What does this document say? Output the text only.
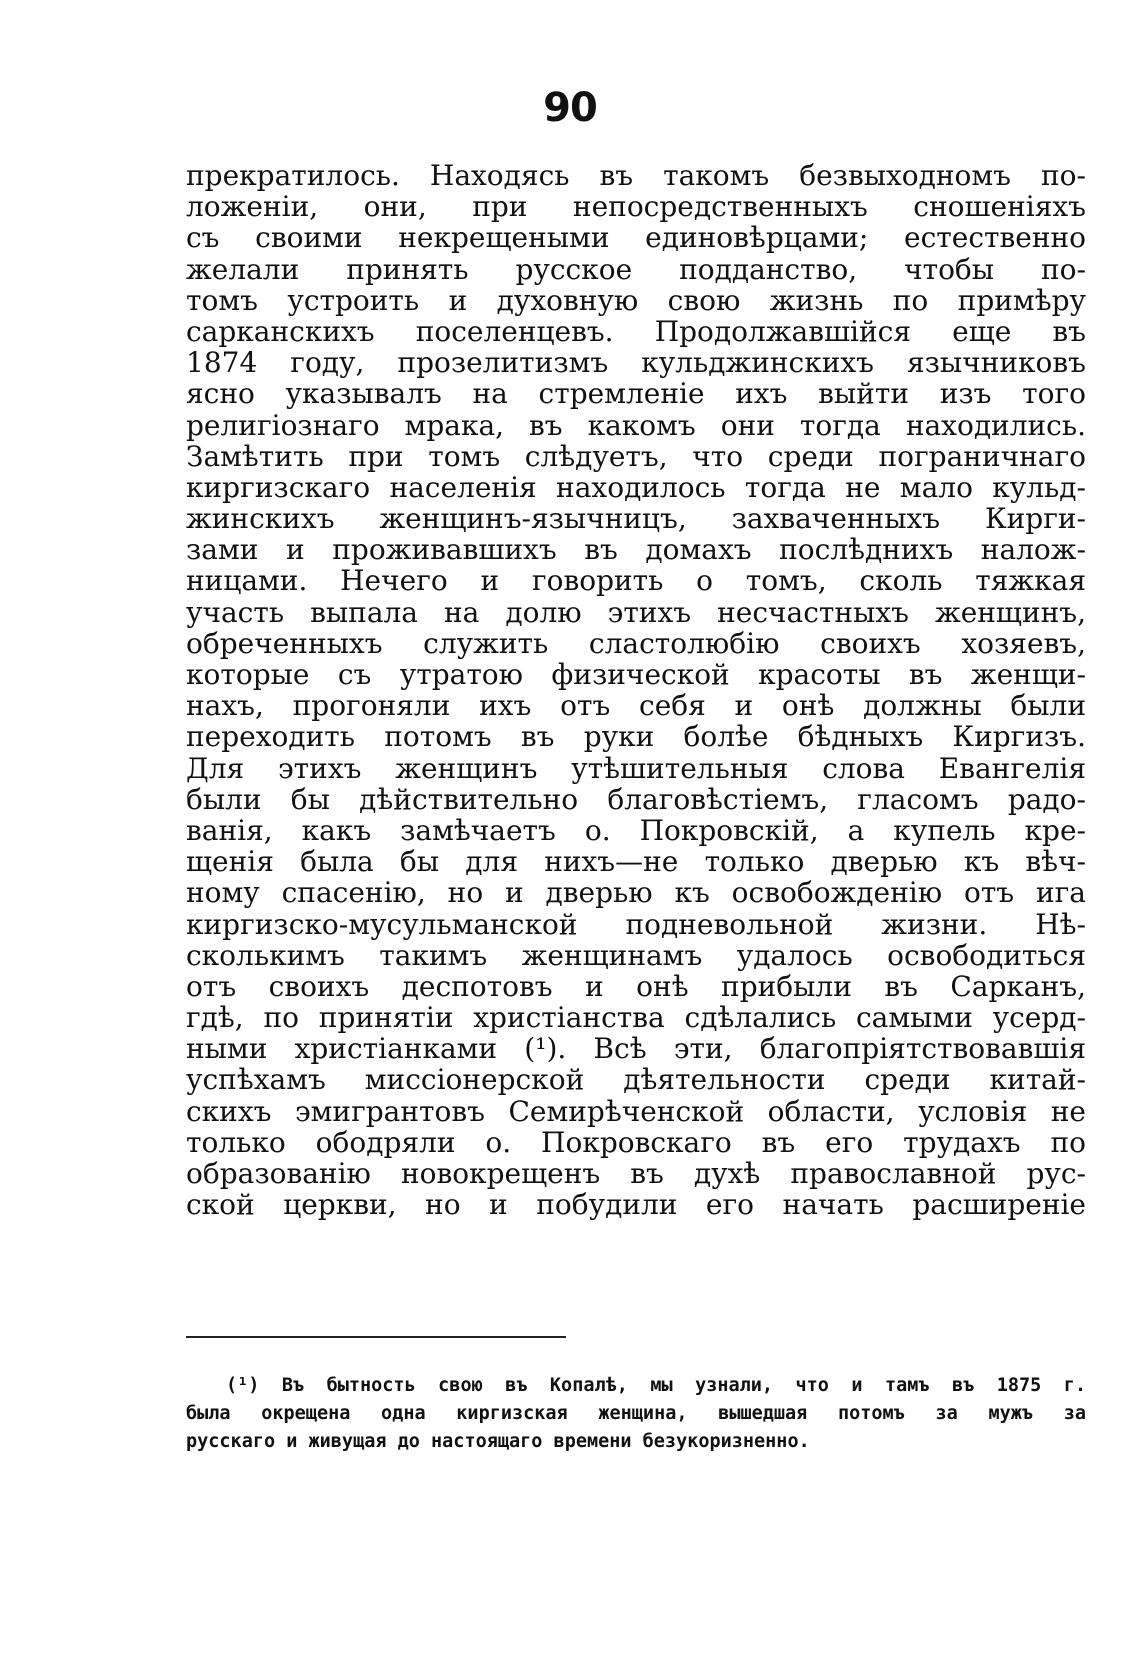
90
прекратилось. Находясь въ такомъ безвыходномъ по-
ложеніи, они, при непосредственныхъ сношеніяхъ
съ своими некрещеными единовѣрцами; естественно
желали принять русское подданство, чтобы по-
томъ устроить и духовную свою жизнь по примѣру
сарканскихъ поселенцевъ. Продолжавшійся еще въ
1874 году, прозелитизмъ кульджинскихъ язычниковъ
ясно указывалъ на стремленіе ихъ выйти изъ того
религіознаго мрака, въ какомъ они тогда находились.
Замѣтить при томъ слѣдуетъ, что среди пограничнаго
киргизскаго населенія находилось тогда не мало кульд-
жинскихъ женщинъ-язычницъ, захваченныхъ Кирги-
зами и проживавшихъ въ домахъ послѣднихъ налож-
ницами. Нечего и говорить о томъ, сколь тяжкая
участь выпала на долю этихъ несчастныхъ женщинъ,
обреченныхъ служить сластолюбію своихъ хозяевъ,
которые съ утратою физической красоты въ женщи-
нахъ, прогоняли ихъ отъ себя и онѣ должны были
переходить потомъ въ руки болѣе бѣдныхъ Киргизъ.
Для этихъ женщинъ утѣшительныя слова Евангелія
были бы дѣйствительно благовѣстіемъ, гласомъ радо-
ванія, какъ замѣчаетъ о. Покровскій, а купель кре-
щенія была бы для нихъ—не только дверью къ вѣч-
ному спасенію, но и дверью къ освобожденію отъ ига
киргизско-мусульманской подневольной жизни. Нѣ-
сколькимъ такимъ женщинамъ удалось освободиться
отъ своихъ деспотовъ и онѣ прибыли въ Сарканъ,
гдѣ, по принятіи христіанства сдѣлались самыми усерд-
ными христіанками (¹). Всѣ эти, благопріятствовавшія
успѣхамъ миссіонерской дѣятельности среди китай-
скихъ эмигрантовъ Семирѣченской области, условія не
только ободряли о. Покровскаго въ его трудахъ по
образованію новокрещенъ въ духѣ православной рус-
ской церкви, но и побудили его начать расширеніе
(¹) Въ бытность свою въ Копалѣ, мы узнали, что и тамъ въ 1875 г.
была окрещена одна киргизская женщина, вышедшая потомъ за мужъ за
русскаго и живущая до настоящаго времени безукоризненно.
